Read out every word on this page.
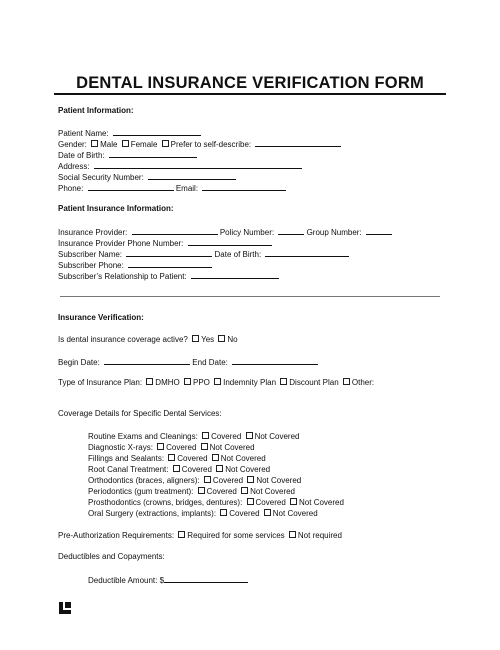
DENTAL INSURANCE VERIFICATION FORM
Patient Information:
Patient Name:
Gender: Male Female Prefer to self-describe:
Date of Birth:
Address:
Social Security Number:
Phone:	Email:
Patient Insurance Information:
Insurance Provider:	Policy Number:	Group Number:
Insurance Provider Phone Number:
Subscriber Name:	Date of Birth:
Subscriber Phone:
Subscriber’s Relationship to Patient:
Insurance Verification:
Is dental insurance coverage active? Yes No
Begin Date:	End Date:
Type of Insurance Plan: DMHO PPO Indemnity Plan Discount Plan Other:
Coverage Details for Specific Dental Services:
Routine Exams and Cleanings: Covered Not Covered
Diagnostic X-rays: Covered Not Covered
Fillings and Sealants: Covered Not Covered
Root Canal Treatment: Covered Not Covered
Orthodontics (braces, aligners): Covered Not Covered
Periodontics (gum treatment): Covered Not Covered
Prosthodontics (crowns, bridges, dentures): Covered Not Covered
Oral Surgery (extractions, implants): Covered Not Covered
Pre-Authorization Requirements: Required for some services Not required
Deductibles and Copayments:
Deductible Amount: $
